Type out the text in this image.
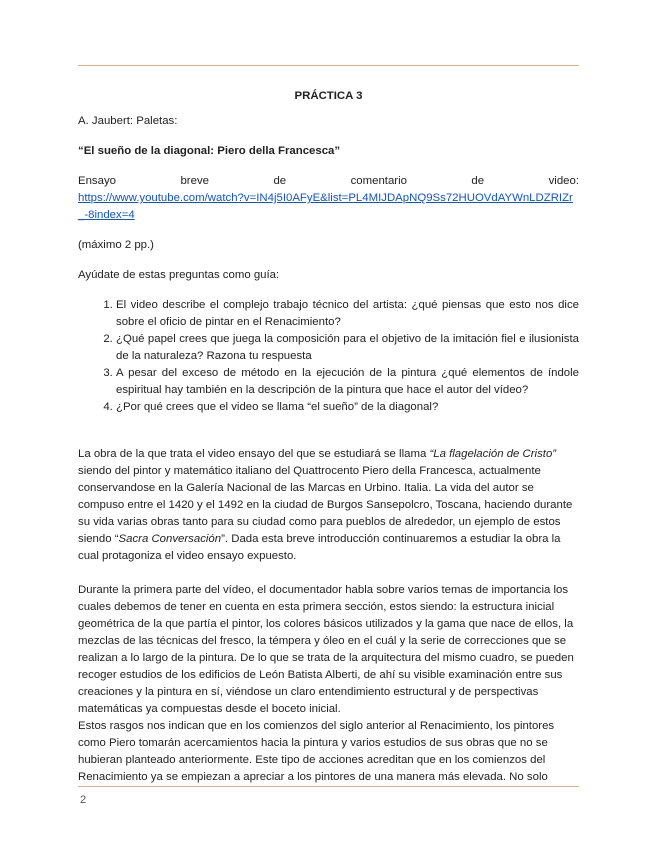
PRÁCTICA 3

A. Jaubert: Paletas:

“El sueño de la diagonal: Piero della Francesca”

Ensayo breve de comentario de video:

https://www.youtube.com/watch?v=IN4j5I0AFyE&list=PL4MIJDApNQ9Ss72HUOVdAYWnLDZRIZr_-8index=4

(máximo 2 pp.)

Ayúdate de estas preguntas como guía:

1. El video describe el complejo trabajo técnico del artista: ¿qué piensas que esto nos dice sobre el oficio de pintar en el Renacimiento?
2. ¿Qué papel crees que juega la composición para el objetivo de la imitación fiel e ilusionista de la naturaleza? Razona tu respuesta
3. A pesar del exceso de método en la ejecución de la pintura ¿qué elementos de índole espiritual hay también en la descripción de la pintura que hace el autor del vídeo?
4. ¿Por qué crees que el video se llama “el sueño” de la diagonal?

La obra de la que trata el video ensayo del que se estudiará se llama “La flagelación de Cristo” siendo del pintor y matemático italiano del Quattrocento Piero della Francesca, actualmente conservandose en la Galería Nacional de las Marcas en Urbino. Italia. La vida del autor se compuso entre el 1420 y el 1492 en la ciudad de Burgos Sansepolcro, Toscana, haciendo durante su vida varias obras tanto para su ciudad como para pueblos de alrededor, un ejemplo de estos siendo “Sacra Conversación”. Dada esta breve introducción continuaremos a estudiar la obra la cual protagoniza el video ensayo expuesto.

Durante la primera parte del vídeo, el documentador habla sobre varios temas de importancia los cuales debemos de tener en cuenta en esta primera sección, estos siendo: la estructura inicial geométrica de la que partía el pintor, los colores básicos utilizados y la gama que nace de ellos, la mezclas de las técnicas del fresco, la témpera y óleo en el cuál y la serie de correcciones que se realizan a lo largo de la pintura. De lo que se trata de la arquitectura del mismo cuadro, se pueden recoger estudios de los edificios de León Batista Alberti, de ahí su visible examinación entre sus creaciones y la pintura en sí, viéndose un claro entendimiento estructural y de perspectivas matemáticas ya compuestas desde el boceto inicial.

Estos rasgos nos indican que en los comienzos del siglo anterior al Renacimiento, los pintores como Piero tomarán acercamientos hacia la pintura y varios estudios de sus obras que no se hubieran planteado anteriormente. Este tipo de acciones acreditan que en los comienzos del Renacimiento ya se empiezan a apreciar a los pintores de una manera más elevada. No solo

2
